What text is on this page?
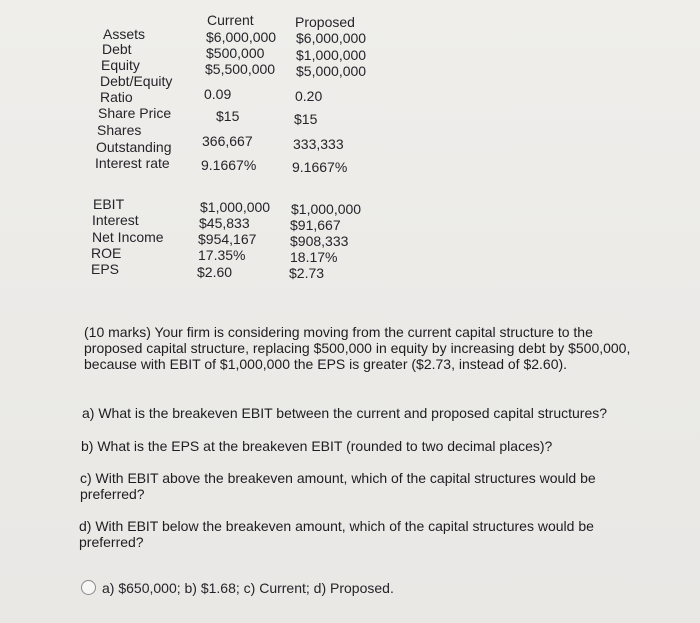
Current	Proposed
Assets	$6,000,000 $6,000,000
Debt	$500,000 $1,000,000
Equity	$5,500,000 $5,000,000
Debt/Equity
Ratio	0.09	0.20
Share Price	$15	$15
Shares
Outstanding 366,667	333,333
Interest rate 9.1667%	9.1667%
EBIT	$1,000,000 $1,000,000
Interest	$45,833	$91,667
Net Income $954,167 $908,333
ROE	17.35%	18.17%
EPS	$2.60	$2.73
(10 marks) Your firm is considering moving from the current capital structure to the proposed capital structure, replacing $500,000 in equity by increasing debt by $500,000, because with EBIT of $1,000,000 the EPS is greater ($2.73, instead of $2.60).
a) What is the breakeven EBIT between the current and proposed capital structures?
b) What is the EPS at the breakeven EBIT (rounded to two decimal places)?
c) With EBIT above the breakeven amount, which of the capital structures would be preferred?
d) With EBIT below the breakeven amount, which of the capital structures would be preferred?
a) $650,000; b) $1.68; c) Current; d) Proposed.
